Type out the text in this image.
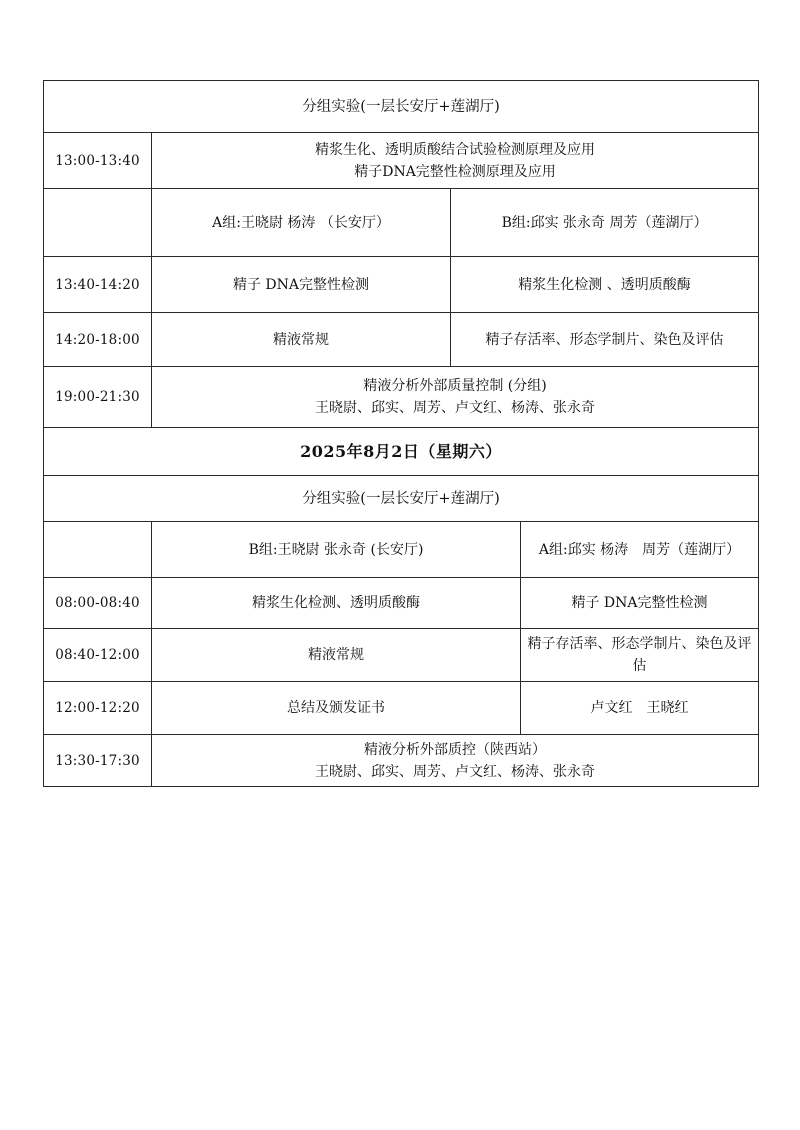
分组实验(一层长安厅+莲湖厅)			
13:00-13:40	精浆生化、透明质酸结合试验检测原理及应用
精子DNA完整性检测原理及应用		

	A组:王晓尉 杨涛 （长安厅）	B组:邱实 张永奇 周芳（莲湖厅）	
13:40-14:20	精子 DNA完整性检测	精浆生化检测 、透明质酸酶	
14:20-18:00	精液常规	精子存活率、形态学制片、染色及评估	
19:00-21:30	精液分析外部质量控制 (分组)
王晓尉、邱实、周芳、卢文红、杨涛、张永奇		

2025年8月2日（星期六）			
分组实验(一层长安厅+莲湖厅)			
	B组:王晓尉 张永奇 (长安厅)		A组:邱实 杨涛　周芳（莲湖厅）
08:00-08:40	精浆生化检测、透明质酸酶		精子 DNA完整性检测
08:40-12:00	精液常规		精子存活率、形态学制片、染色及评估
12:00-12:20	总结及颁发证书		卢文红　王晓红
13:30-17:30	精液分析外部质控（陕西站）
王晓尉、邱实、周芳、卢文红、杨涛、张永奇		
